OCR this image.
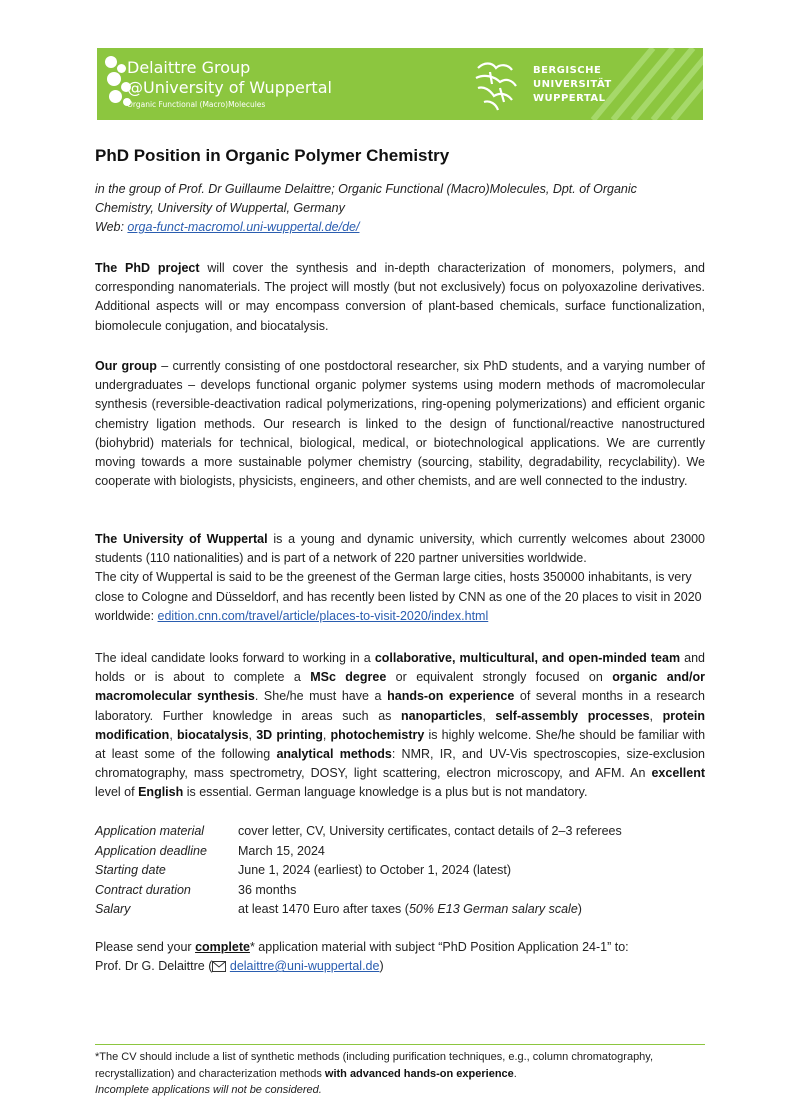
Delaittre Group
@University of Wuppertal
Organic Functional (Macro)Molecules
BERGISCHE
UNIVERSITÄT
WUPPERTAL
PhD Position in Organic Polymer Chemistry
in the group of Prof. Dr Guillaume Delaittre; Organic Functional (Macro)Molecules, Dpt. of Organic
Chemistry, University of Wuppertal, Germany
Web: orga-funct-macromol.uni-wuppertal.de/de/
The PhD project will cover the synthesis and in-depth characterization of monomers, polymers, and corresponding nanomaterials. The project will mostly (but not exclusively) focus on polyoxazoline derivatives. Additional aspects will or may encompass conversion of plant-based chemicals, surface functionalization, biomolecule conjugation, and biocatalysis.
Our group – currently consisting of one postdoctoral researcher, six PhD students, and a varying number of undergraduates – develops functional organic polymer systems using modern methods of macromolecular synthesis (reversible-deactivation radical polymerizations, ring-opening polymerizations) and efficient organic chemistry ligation methods. Our research is linked to the design of functional/reactive nanostructured (biohybrid) materials for technical, biological, medical, or biotechnological applications. We are currently moving towards a more sustainable polymer chemistry (sourcing, stability, degradability, recyclability). We cooperate with biologists, physicists, engineers, and other chemists, and are well connected to the industry.
The University of Wuppertal is a young and dynamic university, which currently welcomes about 23000 students (110 nationalities) and is part of a network of 220 partner universities worldwide.
The city of Wuppertal is said to be the greenest of the German large cities, hosts 350000 inhabitants, is very close to Cologne and Düsseldorf, and has recently been listed by CNN as one of the 20 places to visit in 2020 worldwide: edition.cnn.com/travel/article/places-to-visit-2020/index.html
The ideal candidate looks forward to working in a collaborative, multicultural, and open-minded team and holds or is about to complete a MSc degree or equivalent strongly focused on organic and/or macromolecular synthesis. She/he must have a hands-on experience of several months in a research laboratory. Further knowledge in areas such as nanoparticles, self-assembly processes, protein modification, biocatalysis, 3D printing, photochemistry is highly welcome. She/he should be familiar with at least some of the following analytical methods: NMR, IR, and UV-Vis spectroscopies, size-exclusion chromatography, mass spectrometry, DOSY, light scattering, electron microscopy, and AFM. An excellent level of English is essential. German language knowledge is a plus but is not mandatory.
Application material	cover letter, CV, University certificates, contact details of 2–3 referees
Application deadline	March 15, 2024
Starting date	June 1, 2024 (earliest) to October 1, 2024 (latest)
Contract duration	36 months
Salary	at least 1470 Euro after taxes (50% E13 German salary scale)
Please send your complete* application material with subject “PhD Position Application 24-1” to:
Prof. Dr G. Delaittre ( delaittre@uni-wuppertal.de)
*The CV should include a list of synthetic methods (including purification techniques, e.g., column chromatography, recrystallization) and characterization methods with advanced hands-on experience.
Incomplete applications will not be considered.
